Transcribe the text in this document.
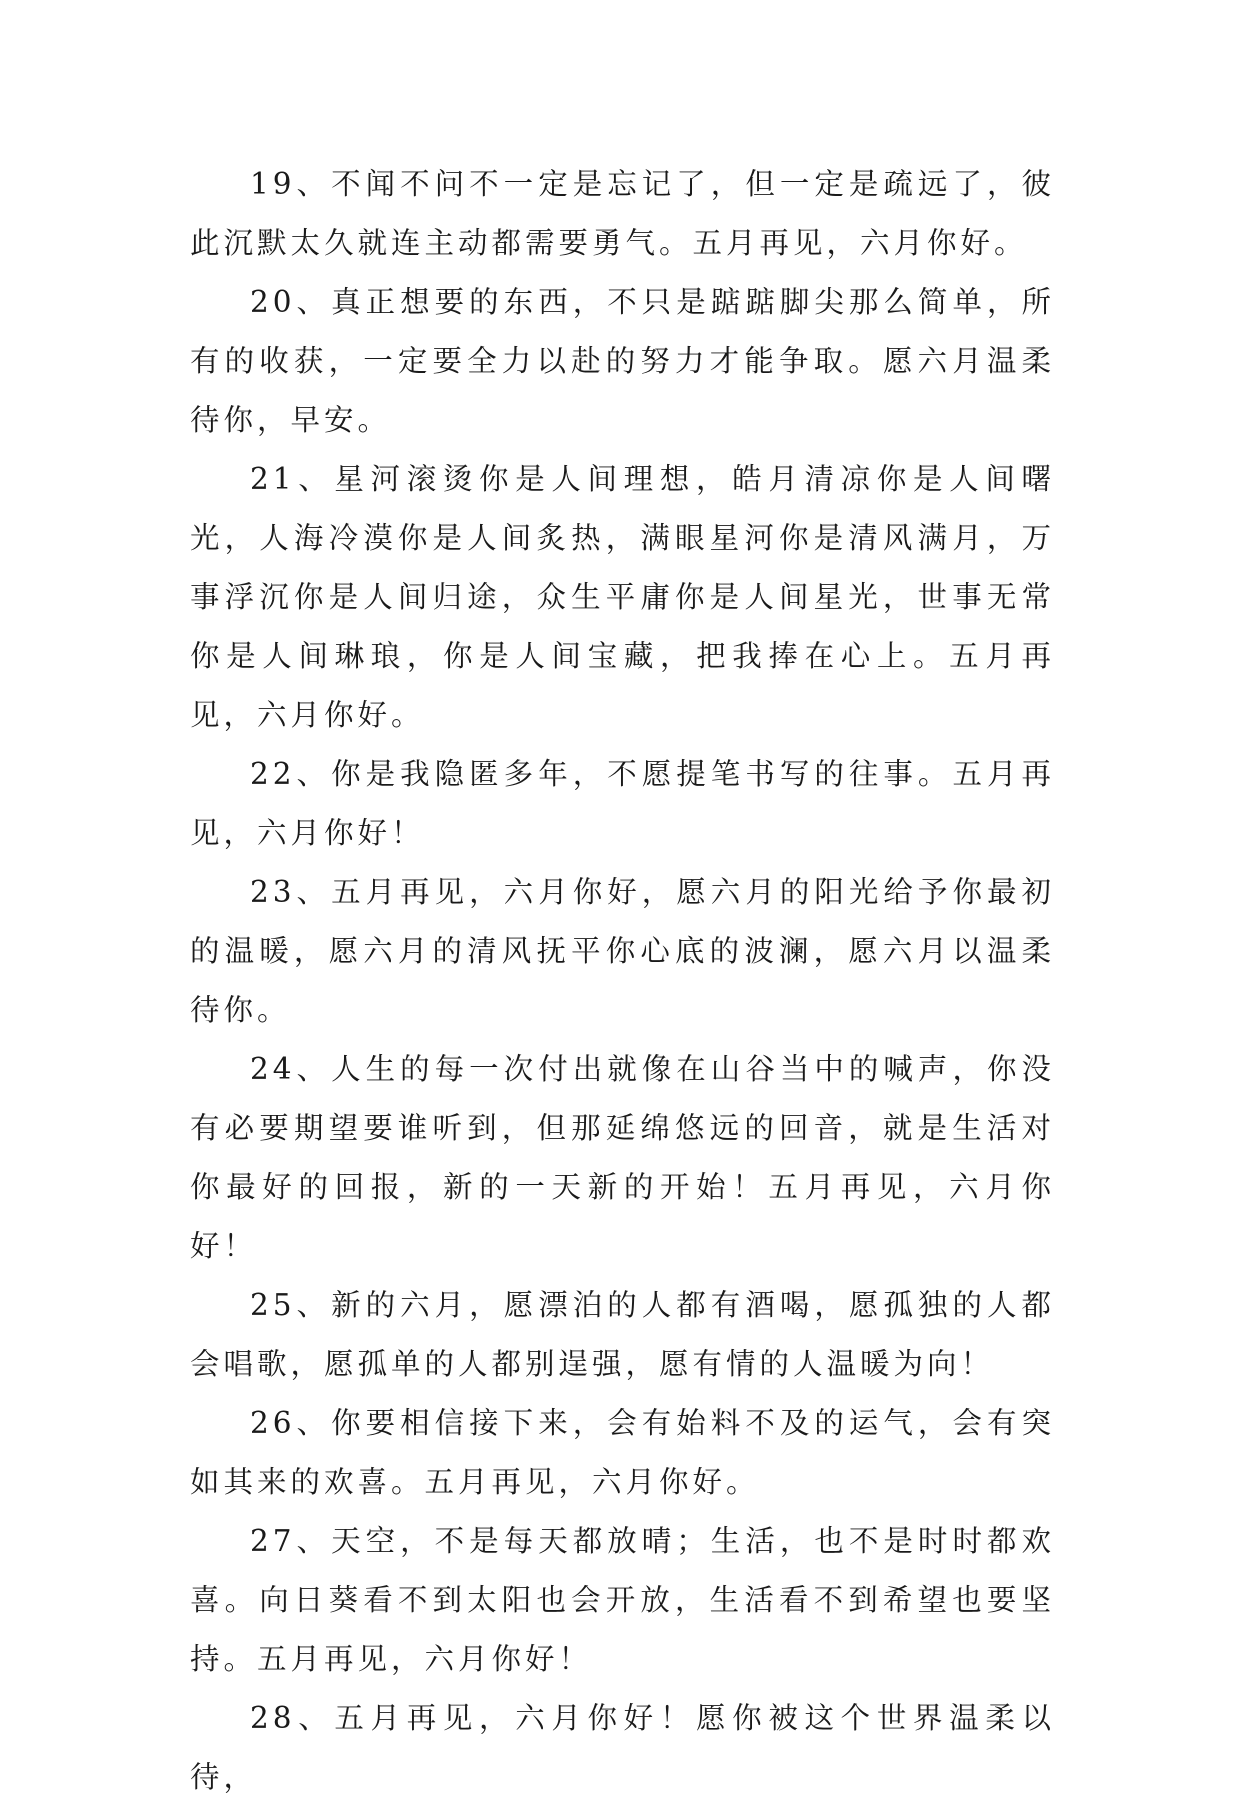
19、不闻不问不一定是忘记了，但一定是疏远了，彼此沉默太久就连主动都需要勇气。五月再见，六月你好。

20、真正想要的东西，不只是踮踮脚尖那么简单，所有的收获，一定要全力以赴的努力才能争取。愿六月温柔待你，早安。

21、星河滚烫你是人间理想，皓月清凉你是人间曙光，人海冷漠你是人间炙热，满眼星河你是清风满月，万事浮沉你是人间归途，众生平庸你是人间星光，世事无常你是人间琳琅，你是人间宝藏，把我捧在心上。五月再见，六月你好。

22、你是我隐匿多年，不愿提笔书写的往事。五月再见，六月你好！

23、五月再见，六月你好，愿六月的阳光给予你最初的温暖，愿六月的清风抚平你心底的波澜，愿六月以温柔待你。

24、人生的每一次付出就像在山谷当中的喊声，你没有必要期望要谁听到，但那延绵悠远的回音，就是生活对你最好的回报，新的一天新的开始！五月再见，六月你好！

25、新的六月，愿漂泊的人都有酒喝，愿孤独的人都会唱歌，愿孤单的人都别逞强，愿有情的人温暖为向！

26、你要相信接下来，会有始料不及的运气，会有突如其来的欢喜。五月再见，六月你好。

27、天空，不是每天都放晴；生活，也不是时时都欢喜。向日葵看不到太阳也会开放，生活看不到希望也要坚持。五月再见，六月你好！

28、五月再见，六月你好！愿你被这个世界温柔以待，
